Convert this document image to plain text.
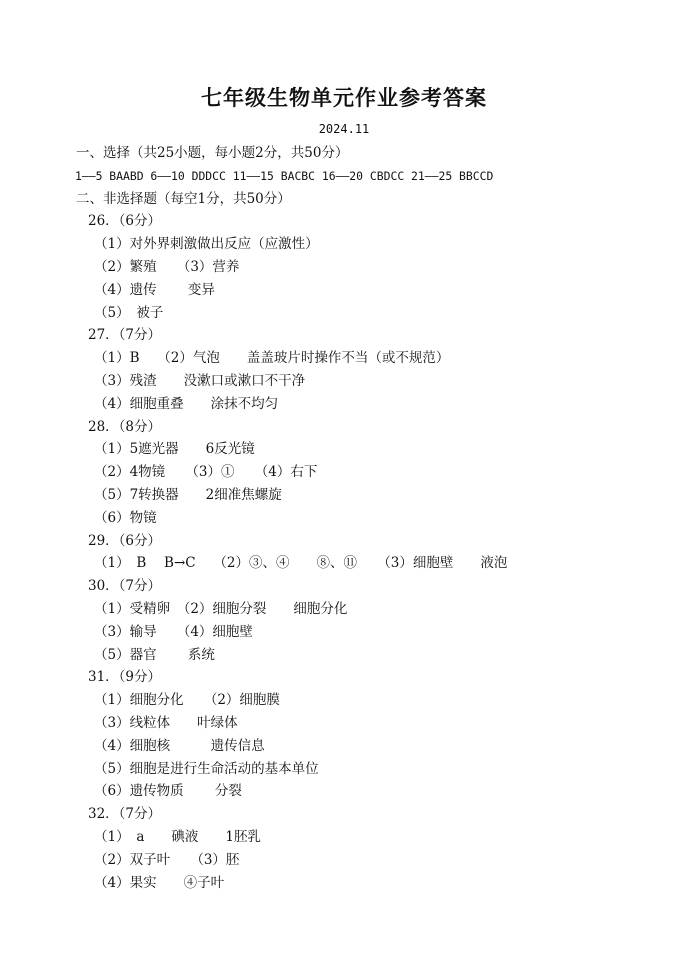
七年级生物单元作业参考答案
2024.11
一、选择（共25小题，每小题2分，共50分）
1——5 BAABD 6——10 DDDCC 11——15 BACBC 16——20 CBDCC 21——25 BBCCD
二、非选择题（每空1分，共50分）
26．（6分）
（1）对外界刺激做出反应（应激性）
（2）繁殖　　（3）营养
（4）遗传　　 变异
（5）　被子
27．（7分）
（1）B　 （2）气泡　　盖盖玻片时操作不当（或不规范）
（3）残渣　　没漱口或漱口不干净
（4）细胞重叠　　涂抹不均匀
28．（8分）
（1）5遮光器　　6反光镜
（2）4物镜　　（3）①　　（4）右下
（5）7转换器　　2细准焦螺旋
（6）物镜
29．（6分）
（1）　B　 B→C　 （2）③、④　　⑧、⑪　　（3）细胞壁　　液泡
30．（7分）
（1）受精卵　（2）细胞分裂　　细胞分化
（3）输导　　（4）细胞壁
（5）器官　　 系统
31．（9分）
（1）细胞分化　　（2）细胞膜
（3）线粒体　　叶绿体
（4）细胞核　　　遗传信息
（5）细胞是进行生命活动的基本单位
（6）遗传物质　　 分裂
32．（7分）
（1）　a　　碘液　　1胚乳
（2）双子叶　　（3）胚
（4）果实　　④子叶
